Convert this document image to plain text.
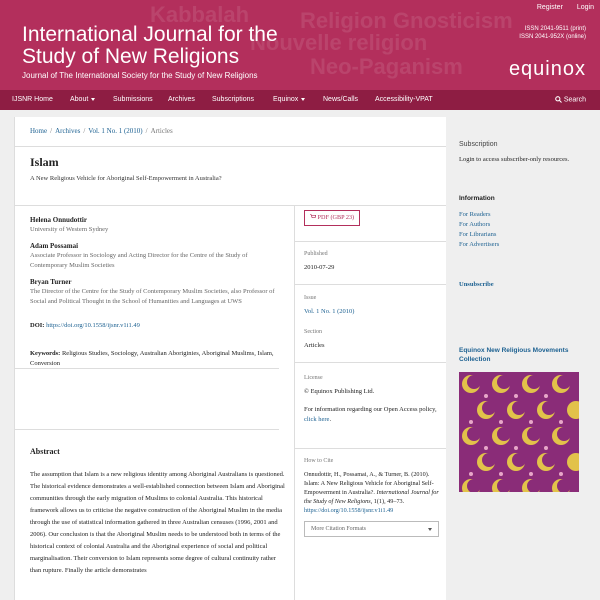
Religion Gnosticism
Nouvelle religion
Neo-Paganism
Kabbalah	Register Login
International Journal for the
Study of New Religions
Journal of The International Society for the Study of New Religions
ISSN 2041-9511 (print)
ISSN 2041-952X (online)
equinox
IJSNR Home About	Submissions Archives Subscriptions	Equinox	News/Calls Accessibility-VPAT	Search
Home / Archives / Vol. 1 No. 1 (2010) / Articles
Islam
A New Religious Vehicle for Aboriginal Self-Empowerment in Australia?
Helena Onnudottir
University of Western Sydney
Adam Possamai
Associate Professor in Sociology and Acting Director for the Centre of the Study of Contemporary Muslim Societies
Bryan Turner
The Director of the Centre for the Study of Contemporary Muslim Societies, also Professor of Social and Political Thought in the School of Humanities and Languages at UWS
DOI: https://doi.org/10.1558/ijsnr.v1i1.49
Keywords: Religious Studies, Sociology, Australian Aboriginies, Aboriginal Muslims, Islam, Conversion
Abstract
The assumption that Islam is a new religious identity among Aboriginal Australians is questioned. The historical evidence demonstrates a well-established connection between Islam and Aboriginal communities through the early migration of Muslims to colonial Australia. This historical framework allows us to criticise the negative construction of the Aboriginal Muslim in the media through the use of statistical information gathered in three Australian censuses (1996, 2001 and 2006). Our conclusion is that the Aboriginal Muslim needs to be understood both in terms of the historical context of colonial Australia and the Aboriginal experience of social and political marginalisation. Their conversion to Islam represents some degree of cultural continuity rather than rupture. Finally the article demonstrates
PDF (GBP 23)
Published
2010-07-29
Issue
Vol. 1 No. 1 (2010)
Section
Articles
License
© Equinox Publishing Ltd.
For information regarding our Open Access policy, click here.
How to Cite
Onnudottir, H., Possamai, A., & Turner, B. (2010). Islam: A New Religious Vehicle for Aboriginal Self-Empowerment in Australia?. International Journal for the Study of New Religions, 1(1), 49–73. https://doi.org/10.1558/ijsnr.v1i1.49
More Citation Formats
Subscription
Login to access subscriber-only resources.
Information
For Readers
For Authors
For Librarians
For Advertisers
Unsubscribe
Equinox New Religious Movements Collection
